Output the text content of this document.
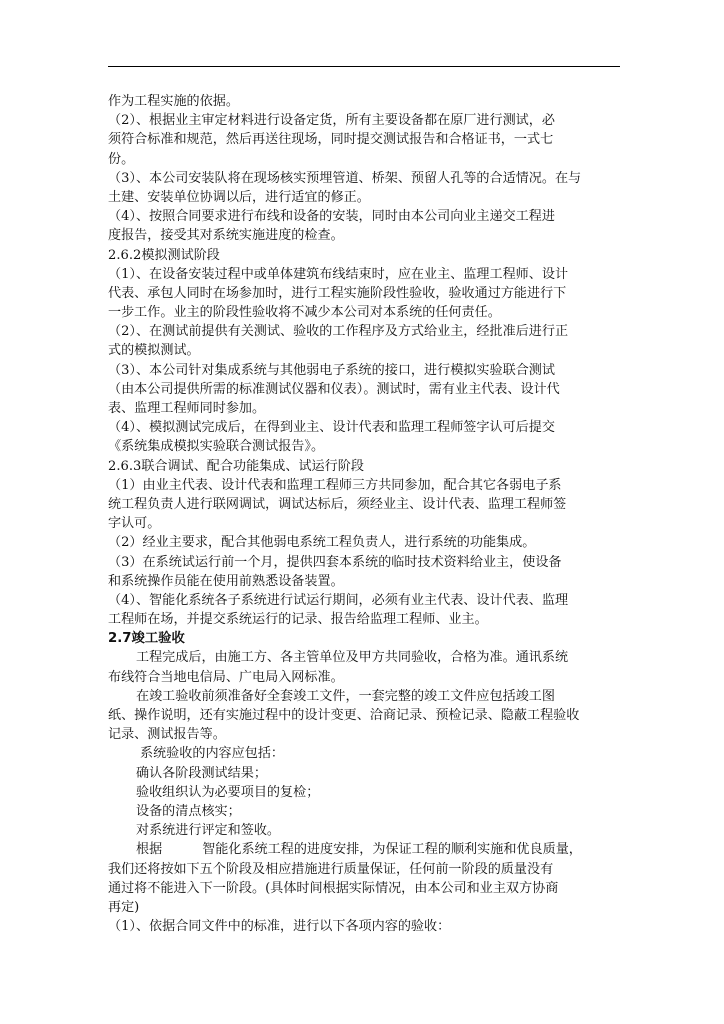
作为工程实施的依据。
（2）、根据业主审定材料进行设备定货，所有主要设备都在原厂进行测试，必
须符合标准和规范，然后再送往现场，同时提交测试报告和合格证书，一式七
份。
（3）、本公司安装队将在现场核实预埋管道、桥架、预留人孔等的合适情况。在与
土建、安装单位协调以后，进行适宜的修正。
（4）、按照合同要求进行布线和设备的安装，同时由本公司向业主递交工程进
度报告，接受其对系统实施进度的检查。
2.6.2模拟测试阶段
（1）、在设备安装过程中或单体建筑布线结束时，应在业主、监理工程师、设计
代表、承包人同时在场参加时，进行工程实施阶段性验收，验收通过方能进行下
一步工作。业主的阶段性验收将不减少本公司对本系统的任何责任。
（2）、在测试前提供有关测试、验收的工作程序及方式给业主，经批准后进行正
式的模拟测试。
（3）、本公司针对集成系统与其他弱电子系统的接口，进行模拟实验联合测试
（由本公司提供所需的标准测试仪器和仪表）。测试时，需有业主代表、设计代
表、监理工程师同时参加。
（4）、模拟测试完成后，在得到业主、设计代表和监理工程师签字认可后提交
《系统集成模拟实验联合测试报告》。
2.6.3联合调试、配合功能集成、试运行阶段
（1）由业主代表、设计代表和监理工程师三方共同参加，配合其它各弱电子系
统工程负责人进行联网调试，调试达标后，须经业主、设计代表、监理工程师签
字认可。
（2）经业主要求，配合其他弱电系统工程负责人，进行系统的功能集成。
（3）在系统试运行前一个月，提供四套本系统的临时技术资料给业主，使设备
和系统操作员能在使用前熟悉设备装置。
（4）、智能化系统各子系统进行试运行期间，必须有业主代表、设计代表、监理
工程师在场，并提交系统运行的记录、报告给监理工程师、业主。
2.7竣工验收
工程完成后，由施工方、各主管单位及甲方共同验收，合格为准。通讯系统
布线符合当地电信局、广电局入网标准。
在竣工验收前须准备好全套竣工文件，一套完整的竣工文件应包括竣工图
纸、操作说明，还有实施过程中的设计变更、洽商记录、预检记录、隐蔽工程验收
记录、测试报告等。
系统验收的内容应包括：
确认各阶段测试结果；
验收组织认为必要项目的复检；
设备的清点核实；
对系统进行评定和签收。
根据	智能化系统工程的进度安排，为保证工程的顺利实施和优良质量，
我们还将按如下五个阶段及相应措施进行质量保证，任何前一阶段的质量没有
通过将不能进入下一阶段。(具体时间根据实际情况，由本公司和业主双方协商
再定)
（1）、依据合同文件中的标准，进行以下各项内容的验收：
